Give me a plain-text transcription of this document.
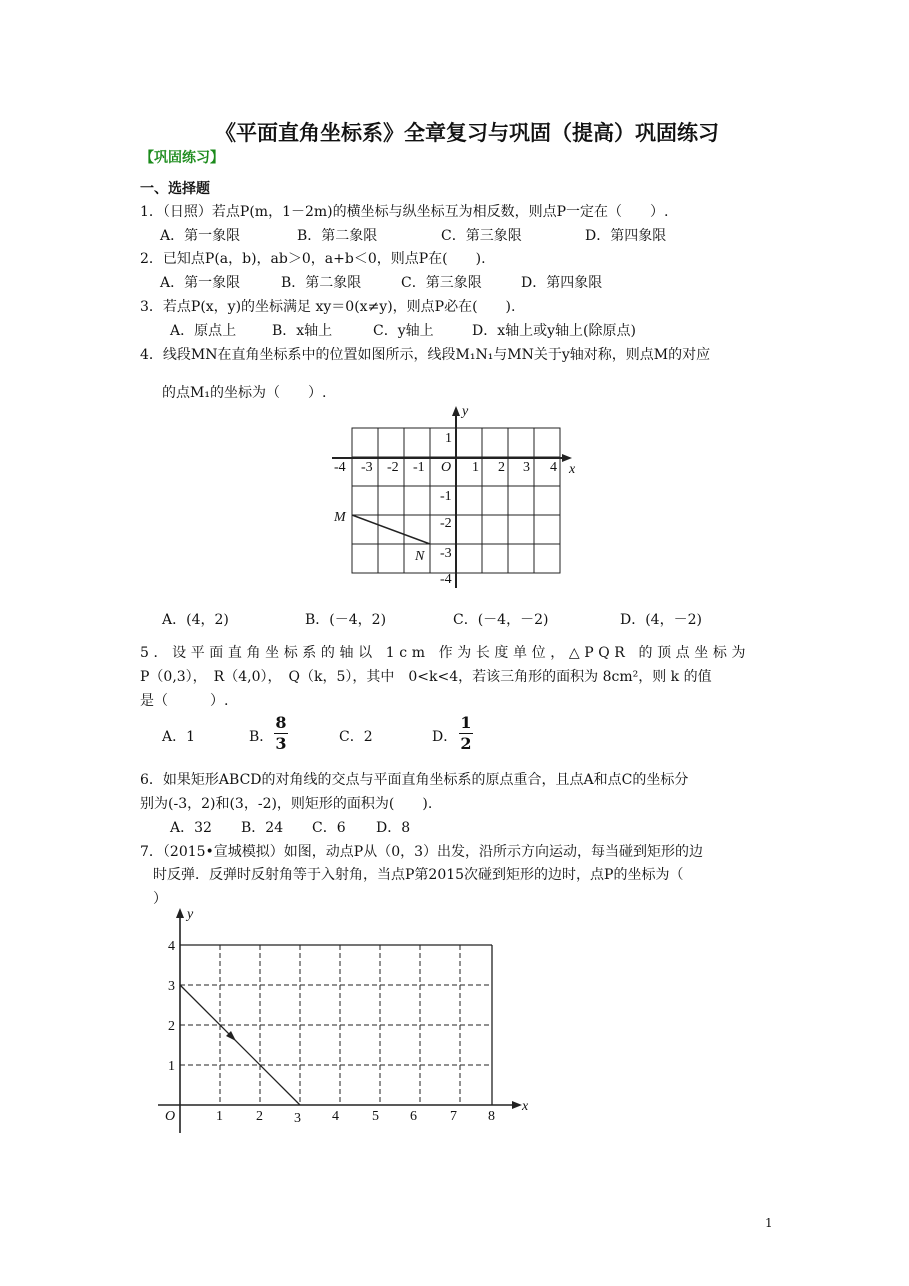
《平面直角坐标系》全章复习与巩固（提高）巩固练习
【巩固练习】
一、选择题
1．（日照）若点P(m，1－2m)的横坐标与纵坐标互为相反数，则点P一定在（　　）.
A．第一象限	B．第二象限	C．第三象限	D．第四象限
2．已知点P(a，b)，ab＞0，a+b＜0，则点P在(　　).
A．第一象限	B．第二象限	C．第三象限	D．第四象限
3．若点P(x，y)的坐标满足 xy＝0(x≠y)，则点P必在(　　).
A．原点上	B．x轴上	C．y轴上	D．x轴上或y轴上(除原点)
4．线段MN在直角坐标系中的位置如图所示，线段M₁N₁与MN关于y轴对称，则点M的对应
的点M₁的坐标为（　　）.
-4 -3 -2 -1 O 1 2 3 4
1
-1
-2
-3
-4
x
y
M
N
A．(4，2)	B．(－4，2)	C．(－4，－2)	D．(4，－2)
5．设平面直角坐标系的轴以 1cm 作为长度单位，△PQR 的顶点坐标为
P（0,3），　R（4,0），　Q（k，5），其中　0<k<4，若该三角形的面积为 8cm²，则 k 的值
是（　　　）.
A．1	B．
8
3	C．2	D．
1
2
6．如果矩形ABCD的对角线的交点与平面直角坐标系的原点重合，且点A和点C的坐标分
别为(-3，2)和(3，-2)，则矩形的面积为(　　).
A．32 B．24 C．6 D．8
7．（2015•宣城模拟）如图，动点P从（0，3）出发，沿所示方向运动，每当碰到矩形的边
时反弹．反弹时反射角等于入射角，当点P第2015次碰到矩形的边时，点P的坐标为（
）
O	1 2 3 4 5 6 7 8
1
2
3
4
x
y
1
